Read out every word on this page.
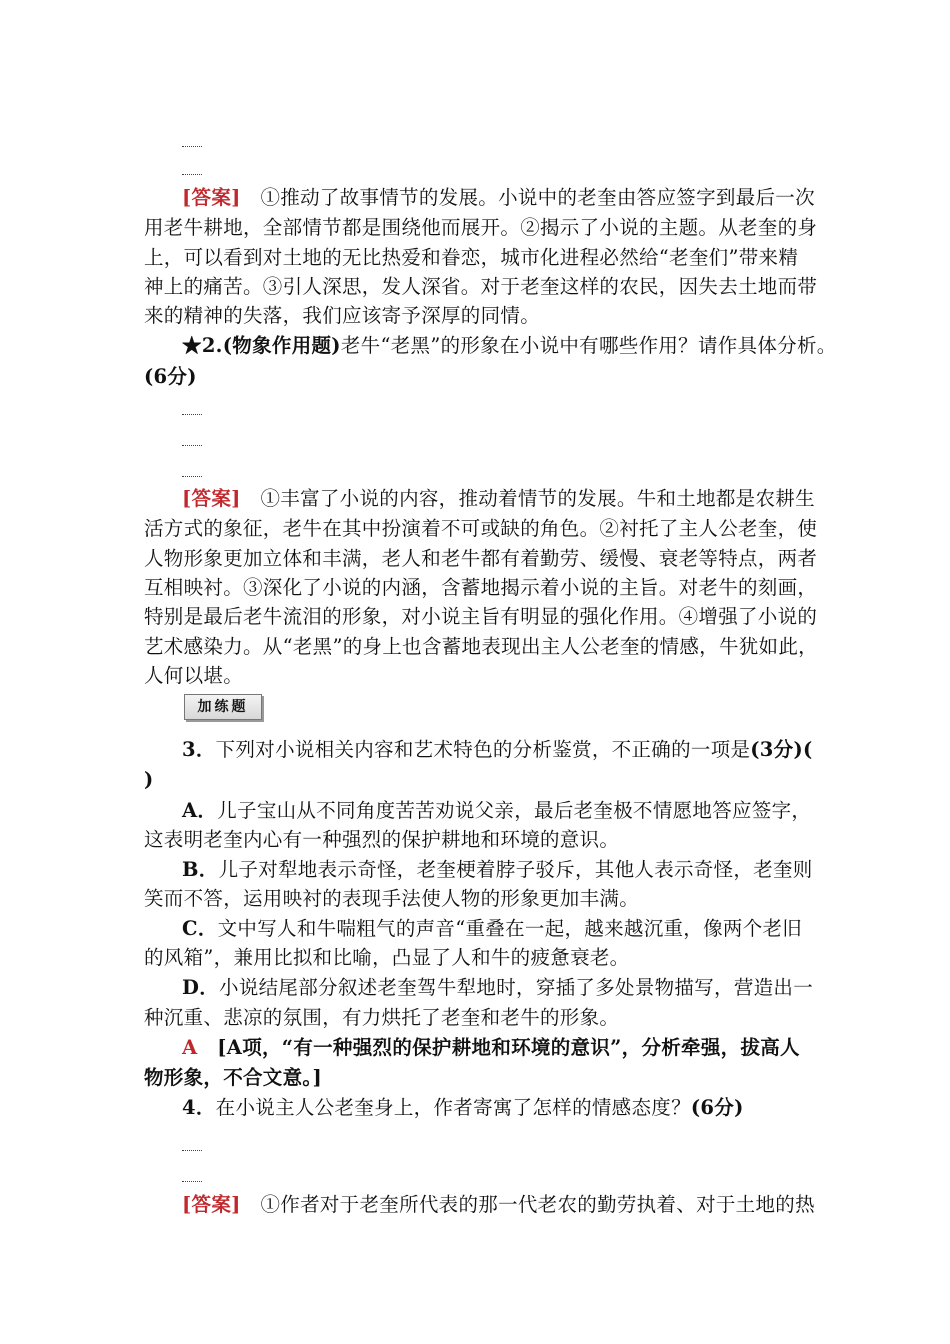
[答案]　 ①推动了故事情节的发展。小说中的老奎由答应签字到最后一次
用老牛耕地，全部情节都是围绕他而展开。②揭示了小说的主题。从老奎的身
上，可以看到对土地的无比热爱和眷恋，城市化进程必然给“老奎们”带来精
神上的痛苦。③引人深思，发人深省。对于老奎这样的农民，因失去土地而带
来的精神的失落，我们应该寄予深厚的同情。
★2.(物象作用题)老牛“老黑”的形象在小说中有哪些作用？请作具体分析。
(6分)
[答案]　 ①丰富了小说的内容，推动着情节的发展。牛和土地都是农耕生
活方式的象征，老牛在其中扮演着不可或缺的角色。②衬托了主人公老奎，使
人物形象更加立体和丰满，老人和老牛都有着勤劳、缓慢、衰老等特点，两者
互相映衬。③深化了小说的内涵，含蓄地揭示着小说的主旨。对老牛的刻画，
特别是最后老牛流泪的形象，对小说主旨有明显的强化作用。④增强了小说的
艺术感染力。从“老黑”的身上也含蓄地表现出主人公老奎的情感，牛犹如此，
人何以堪。
加练题
3．下列对小说相关内容和艺术特色的分析鉴赏，不正确的一项是(3分)(
)
A．儿子宝山从不同角度苦苦劝说父亲，最后老奎极不情愿地答应签字，
这表明老奎内心有一种强烈的保护耕地和环境的意识。
B．儿子对犁地表示奇怪，老奎梗着脖子驳斥，其他人表示奇怪，老奎则
笑而不答，运用映衬的表现手法使人物的形象更加丰满。
C．文中写人和牛喘粗气的声音“重叠在一起，越来越沉重，像两个老旧
的风箱”，兼用比拟和比喻，凸显了人和牛的疲惫衰老。
D．小说结尾部分叙述老奎驾牛犁地时，穿插了多处景物描写，营造出一
种沉重、悲凉的氛围，有力烘托了老奎和老牛的形象。
A　 [A项，“有一种强烈的保护耕地和环境的意识”，分析牵强，拔高人
物形象，不合文意。]
4．在小说主人公老奎身上，作者寄寓了怎样的情感态度？(6分)
[答案]　 ①作者对于老奎所代表的那一代老农的勤劳执着、对于土地的热
